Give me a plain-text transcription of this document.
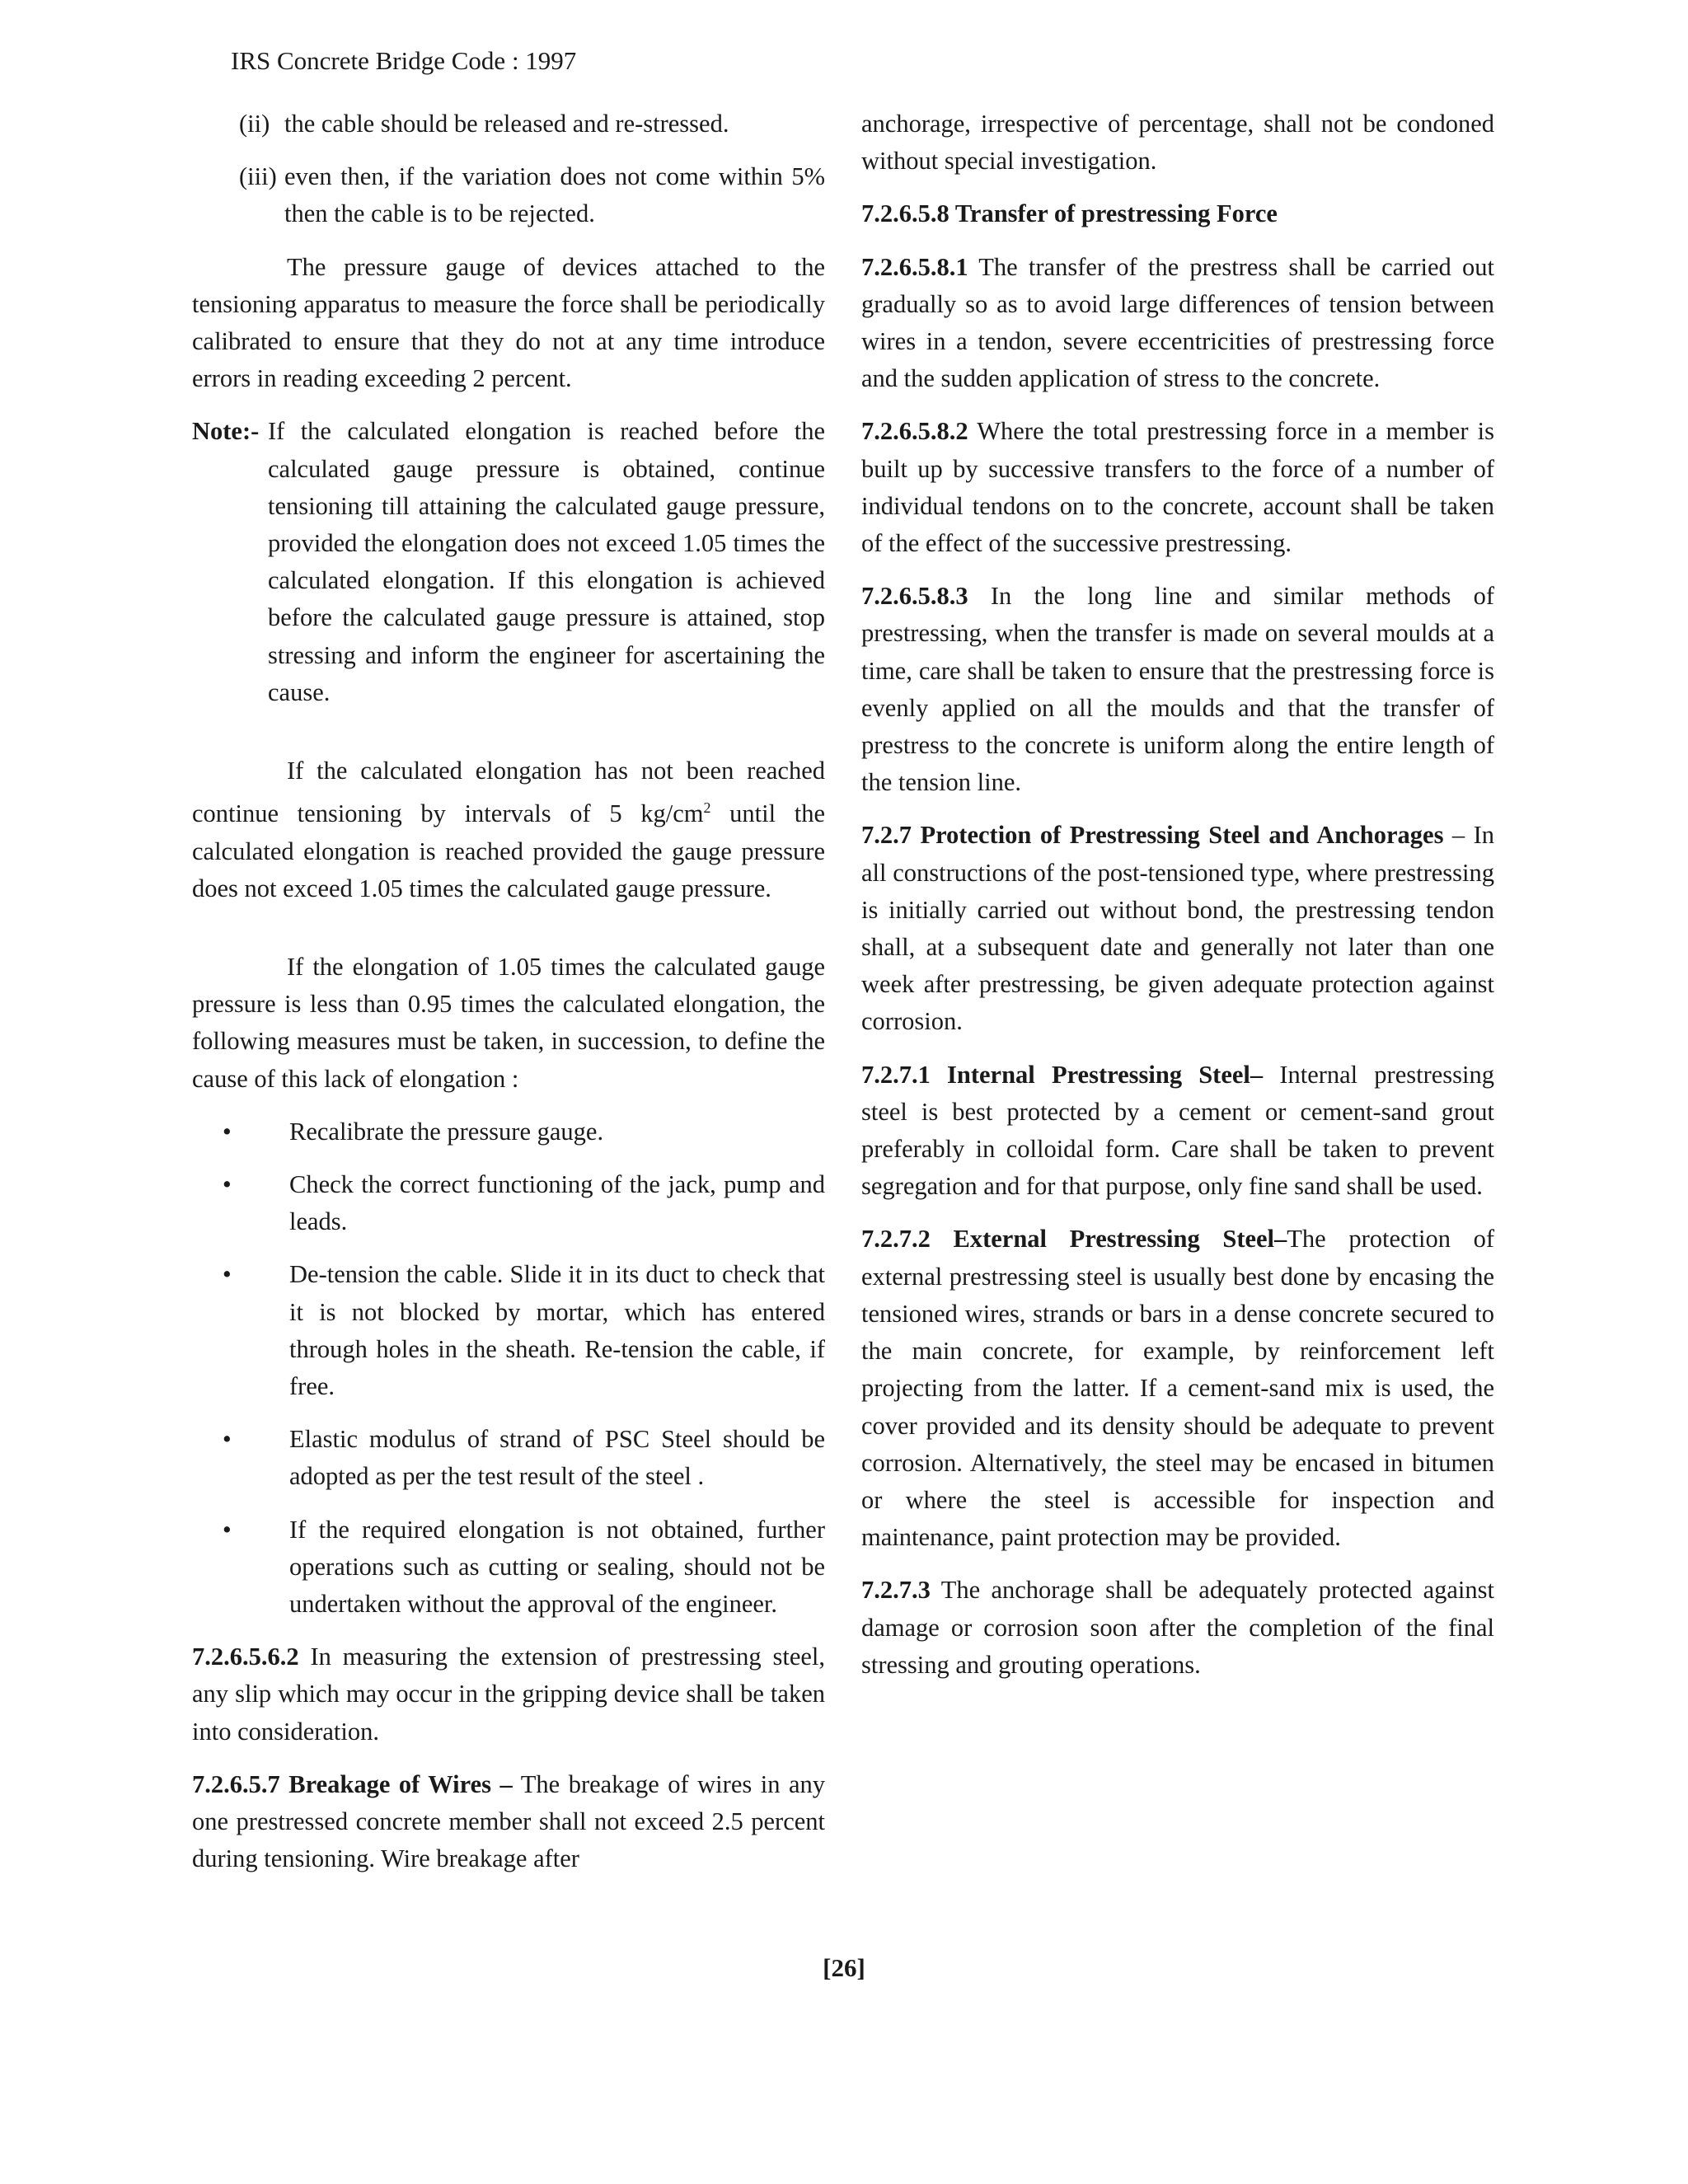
IRS Concrete Bridge Code : 1997
(ii) the cable should be released and re-stressed.
(iii) even then, if the variation does not come within 5% then the cable is to be rejected.

The pressure gauge of devices attached to the tensioning apparatus to measure the force shall be periodically calibrated to ensure that they do not at any time introduce errors in reading exceeding 2 percent.

Note:- If the calculated elongation is reached before the calculated gauge pressure is obtained, continue tensioning till attaining the calculated gauge pressure, provided the elongation does not exceed 1.05 times the calculated elongation. If this elongation is achieved before the calculated gauge pressure is attained, stop stressing and inform the engineer for ascertaining the cause.

If the calculated elongation has not been reached continue tensioning by intervals of 5 $kg/cm^2$ until the calculated elongation is reached provided the gauge pressure does not exceed 1.05 times the calculated gauge pressure.

If the elongation of 1.05 times the calculated gauge pressure is less than 0.95 times the calculated elongation, the following measures must be taken, in succession, to define the cause of this lack of elongation :

•	Recalibrate the pressure gauge.
•	Check the correct functioning of the jack, pump and leads.
•	De-tension the cable. Slide it in its duct to check that it is not blocked by mortar, which has entered through holes in the sheath. Re-tension the cable, if free.
•	Elastic modulus of strand of PSC Steel should be adopted as per the test result of the steel .
•	If the required elongation is not obtained, further operations such as cutting or sealing, should not be undertaken without the approval of the engineer.

7.2.6.5.6.2 In measuring the extension of prestressing steel, any slip which may occur in the gripping device shall be taken into consideration.

7.2.6.5.7 Breakage of Wires – The breakage of wires in any one prestressed concrete member shall not exceed 2.5 percent during tensioning. Wire breakage after

anchorage, irrespective of percentage, shall not be condoned without special investigation.

7.2.6.5.8 Transfer of prestressing Force

7.2.6.5.8.1 The transfer of the prestress shall be carried out gradually so as to avoid large differences of tension between wires in a tendon, severe eccentricities of prestressing force and the sudden application of stress to the concrete.

7.2.6.5.8.2 Where the total prestressing force in a member is built up by successive transfers to the force of a number of individual tendons on to the concrete, account shall be taken of the effect of the successive prestressing.

7.2.6.5.8.3 In the long line and similar methods of prestressing, when the transfer is made on several moulds at a time, care shall be taken to ensure that the prestressing force is evenly applied on all the moulds and that the transfer of prestress to the concrete is uniform along the entire length of the tension line.

7.2.7 Protection of Prestressing Steel and Anchorages – In all constructions of the post-tensioned type, where prestressing is initially carried out without bond, the prestressing tendon shall, at a subsequent date and generally not later than one week after prestressing, be given adequate protection against corrosion.

7.2.7.1 Internal Prestressing Steel– Internal prestressing steel is best protected by a cement or cement-sand grout preferably in colloidal form. Care shall be taken to prevent segregation and for that purpose, only fine sand shall be used.

7.2.7.2 External Prestressing Steel–The protection of external prestressing steel is usually best done by encasing the tensioned wires, strands or bars in a dense concrete secured to the main concrete, for example, by reinforcement left projecting from the latter. If a cement-sand mix is used, the cover provided and its density should be adequate to prevent corrosion. Alternatively, the steel may be encased in bitumen or where the steel is accessible for inspection and maintenance, paint protection may be provided.

7.2.7.3 The anchorage shall be adequately protected against damage or corrosion soon after the completion of the final stressing and grouting operations.

[26]
